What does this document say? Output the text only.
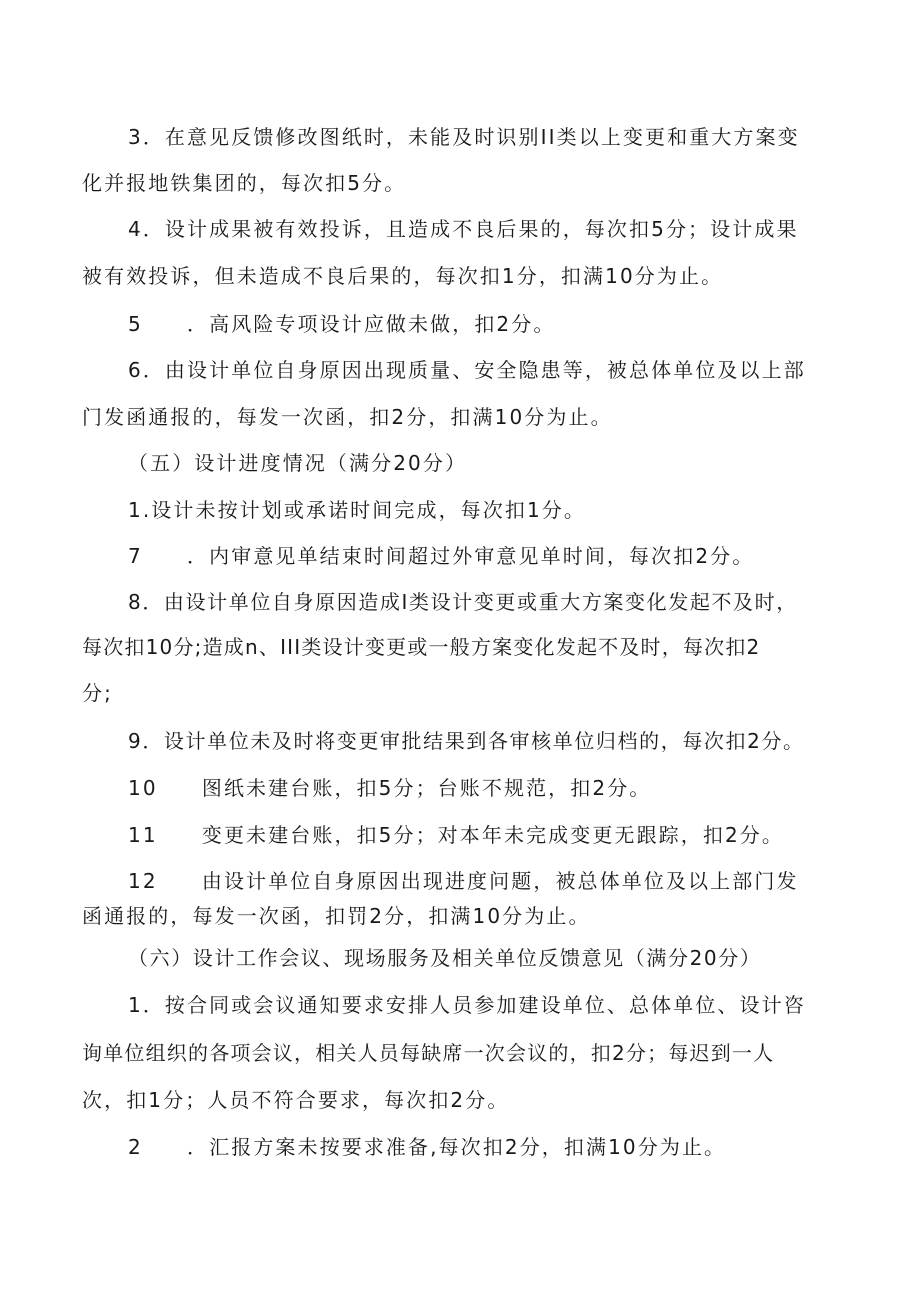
3．在意见反馈修改图纸时，未能及时识别II类以上变更和重大方案变
化并报地铁集团的，每次扣5分。
4．设计成果被有效投诉，且造成不良后果的，每次扣5分；设计成果
被有效投诉，但未造成不良后果的，每次扣1分，扣满10分为止。
5　　．高风险专项设计应做未做，扣2分。
6．由设计单位自身原因出现质量、安全隐患等，被总体单位及以上部
门发函通报的，每发一次函，扣2分，扣满10分为止。
（五）设计进度情况（满分20分）
1.设计未按计划或承诺时间完成，每次扣1分。
7　　．内审意见单结束时间超过外审意见单时间，每次扣2分。
8．由设计单位自身原因造成I类设计变更或重大方案变化发起不及时，
每次扣10分;造成n、III类设计变更或一般方案变化发起不及时，每次扣2
分;
9．设计单位未及时将变更审批结果到各审核单位归档的，每次扣2分。
10　　图纸未建台账，扣5分；台账不规范，扣2分。
11　　变更未建台账，扣5分；对本年未完成变更无跟踪，扣2分。
12　　由设计单位自身原因出现进度问题，被总体单位及以上部门发
函通报的，每发一次函，扣罚2分，扣满10分为止。
（六）设计工作会议、现场服务及相关单位反馈意见（满分20分）
1．按合同或会议通知要求安排人员参加建设单位、总体单位、设计咨
询单位组织的各项会议，相关人员每缺席一次会议的，扣2分；每迟到一人
次，扣1分；人员不符合要求，每次扣2分。
2　　．汇报方案未按要求准备,每次扣2分，扣满10分为止。
